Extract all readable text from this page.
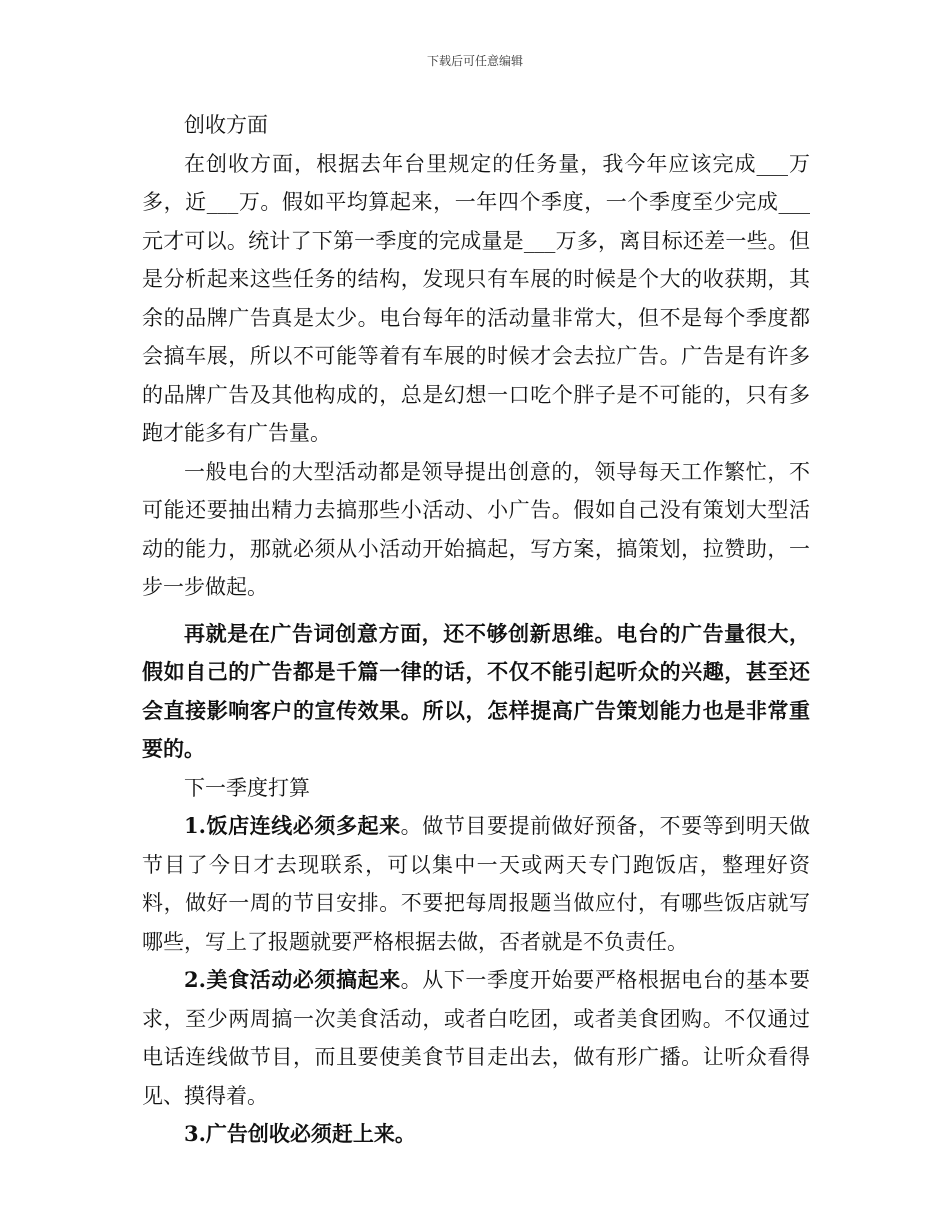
下载后可任意编辑

创收方面

在创收方面，根据去年台里规定的任务量，我今年应该完成___万多，近___万。假如平均算起来，一年四个季度，一个季度至少完成___元才可以。统计了下第一季度的完成量是___万多，离目标还差一些。但是分析起来这些任务的结构，发现只有车展的时候是个大的收获期，其余的品牌广告真是太少。电台每年的活动量非常大，但不是每个季度都会搞车展，所以不可能等着有车展的时候才会去拉广告。广告是有许多的品牌广告及其他构成的，总是幻想一口吃个胖子是不可能的，只有多跑才能多有广告量。

一般电台的大型活动都是领导提出创意的，领导每天工作繁忙，不可能还要抽出精力去搞那些小活动、小广告。假如自己没有策划大型活动的能力，那就必须从小活动开始搞起，写方案，搞策划，拉赞助，一步一步做起。

再就是在广告词创意方面，还不够创新思维。电台的广告量很大，假如自己的广告都是千篇一律的话，不仅不能引起听众的兴趣，甚至还会直接影响客户的宣传效果。所以，怎样提高广告策划能力也是非常重要的。

下一季度打算

1.饭店连线必须多起来。做节目要提前做好预备，不要等到明天做节目了今日才去现联系，可以集中一天或两天专门跑饭店，整理好资料，做好一周的节目安排。不要把每周报题当做应付，有哪些饭店就写哪些，写上了报题就要严格根据去做，否者就是不负责任。

2.美食活动必须搞起来。从下一季度开始要严格根据电台的基本要求，至少两周搞一次美食活动，或者白吃团，或者美食团购。不仅通过电话连线做节目，而且要使美食节目走出去，做有形广播。让听众看得见、摸得着。

3.广告创收必须赶上来。
